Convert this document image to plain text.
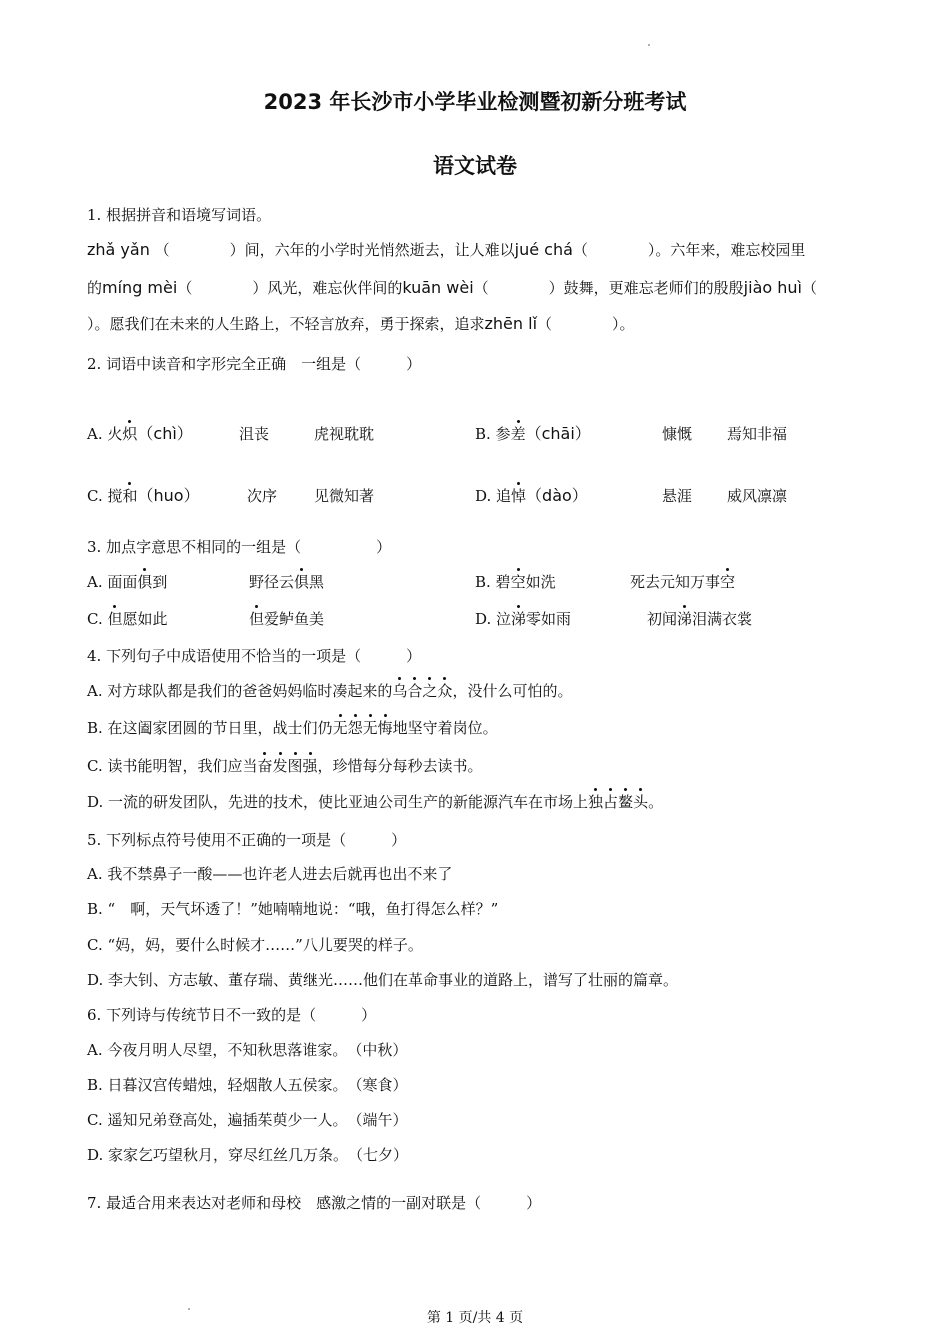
2023 年长沙市小学毕业检测暨初新分班考试
语文试卷
1. 根据拼音和语境写词语。
zhǎ yǎn （　　　　）间，六年的小学时光悄然逝去，让人难以jué chá（　　　　）。六年来，难忘校园里
的míng mèi（　　　　）风光，难忘伙伴间的kuān wèi（　　　　）鼓舞，更难忘老师们的殷殷jiào huì（
）。愿我们在未来的人生路上，不轻言放弃，勇于探索，追求zhēn lǐ（　　　　）。
2. 词语中读音和字形完全正确　一组是（　　　）
A. 火炽（chì）	沮丧	虎视耽耽	B. 参差（chāi）	慷慨 焉知非福
C. 搅和（huo）	次序 见微知著	D. 追悼（dào）	悬涯 威风凛凛
3. 加点字意思不相同的一组是（　　　　　）
A. 面面俱到	野径云俱黑	B. 碧空如洗	死去元知万事空
C. 但愿如此	但爱鲈鱼美	D. 泣涕零如雨	初闻涕泪满衣裳
4. 下列句子中成语使用不恰当的一项是（　　　）
A. 对方球队都是我们的爸爸妈妈临时凑起来的乌合之众，没什么可怕的。
B. 在这阖家团圆的节日里，战士们仍无怨无悔地坚守着岗位。
C. 读书能明智，我们应当奋发图强，珍惜每分每秒去读书。
D. 一流的研发团队，先进的技术，使比亚迪公司生产的新能源汽车在市场上独占鳌头。
5. 下列标点符号使用不正确的一项是（　　　）
A. 我不禁鼻子一酸——也许老人进去后就再也出不来了
B. “　啊，天气坏透了！”她喃喃地说：“哦，鱼打得怎么样？”
C. “妈，妈，要什么时候才……”八儿要哭的样子。
D. 李大钊、方志敏、董存瑞、黄继光……他们在革命事业的道路上，谱写了壮丽的篇章。
6. 下列诗与传统节日不一致的是（　　　）
A. 今夜月明人尽望，不知秋思落谁家。　（中秋）
B. 日暮汉宫传蜡烛，轻烟散人五侯家。　（寒食）
C. 遥知兄弟登高处，遍插茱萸少一人。　（端午）
D. 家家乞巧望秋月，穿尽红丝几万条。　（七夕）
7. 最适合用来表达对老师和母校　感激之情的一副对联是（　　　）
第 1 页/共 4 页
